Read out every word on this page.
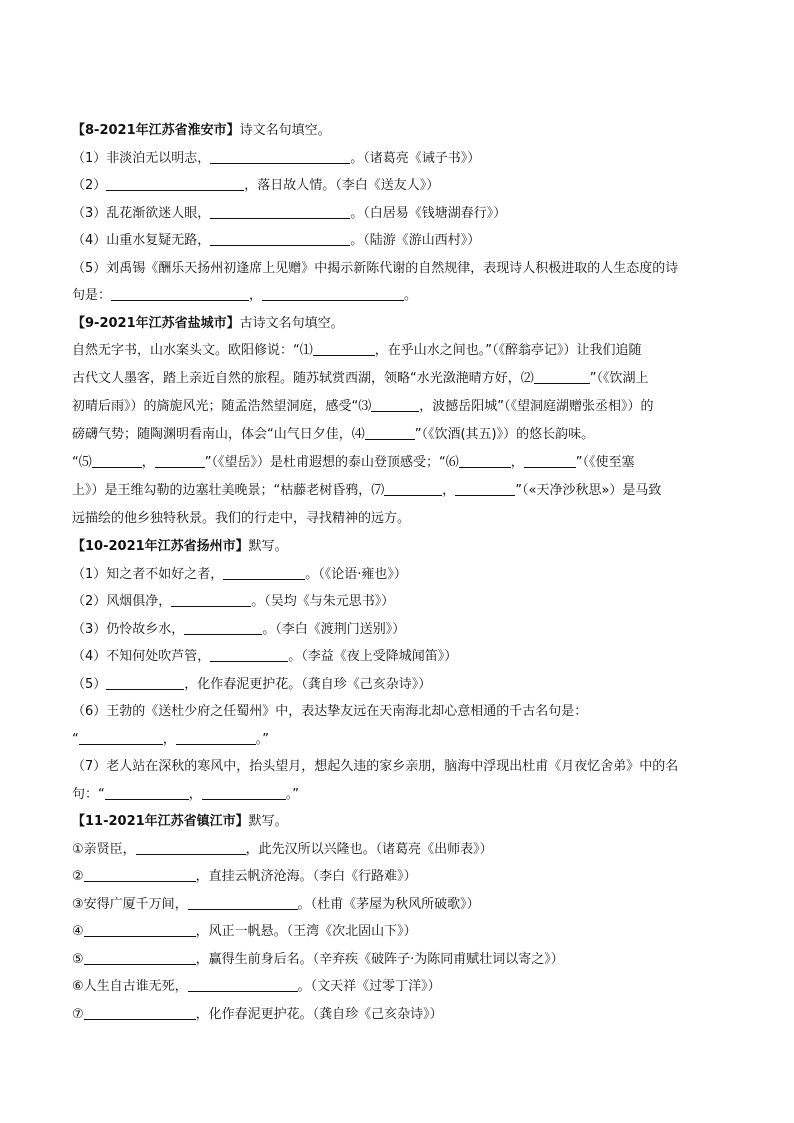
【8-2021年江苏省淮安市】诗文名句填空。
（1）非淡泊无以明志，	。（诸葛亮《诫子书》）
（2）	，落日故人情。（李白《送友人》）
（3）乱花渐欲迷人眼，	。（白居易《钱塘湖春行》）
（4）山重水复疑无路，	。（陆游《游山西村》）
（5）刘禹锡《酬乐天扬州初逢席上见赠》中揭示新陈代谢的自然规律，表现诗人积极进取的人生态度的诗
句是：	，	。
【9-2021年江苏省盐城市】古诗文名句填空。
自然无字书，山水案头文。欧阳修说：“⑴	，在乎山水之间也。”（《醉翁亭记》）让我们追随
古代文人墨客，踏上亲近自然的旅程。随苏轼赏西湖，领略“水光潋滟晴方好，⑵	”（《饮湖上
初晴后雨》）的旖旎风光；随孟浩然望洞庭，感受“⑶	，波撼岳阳城”（《望洞庭湖赠张丞相》）的
磅礴气势；随陶渊明看南山，体会“山气日夕佳，⑷	”（《饮酒(其五)》）的悠长韵味。
“⑸	，	”（《望岳》）是杜甫遐想的泰山登顶感受；“⑹	，	”（《使至塞
上》）是王维勾勒的边塞壮美晚景；“枯藤老树昏鸦，⑺	，	”（«天净沙秋思»）是马致
远描绘的他乡独特秋景。我们的行走中，寻找精神的远方。
【10-2021年江苏省扬州市】默写。
（1）知之者不如好之者，	。（《论语·雍也》）
（2）风烟俱净，	。（吴均《与朱元思书》）
（3）仍怜故乡水，	。（李白《渡荆门送别》）
（4）不知何处吹芦管，	。（李益《夜上受降城闻笛》）
（5）	，化作春泥更护花。（龚自珍《己亥杂诗》）
（6）王勃的《送杜少府之任蜀州》中，表达挚友远在天南海北却心意相通的千古名句是：
“	，	。”
（7）老人站在深秋的寒风中，抬头望月，想起久违的家乡亲朋，脑海中浮现出杜甫《月夜忆舍弟》中的名
句：“	，	。”
【11-2021年江苏省镇江市】默写。
①亲贤臣，	，此先汉所以兴隆也。（诸葛亮《出师表》）
②	，直挂云帆济沧海。（李白《行路难》）
③安得广厦千万间，	。（杜甫《茅屋为秋风所破歌》）
④	，风正一帆悬。（王湾《次北固山下》）
⑤	，赢得生前身后名。（辛弃疾《破阵子·为陈同甫赋壮词以寄之》）
⑥人生自古谁无死，	。（文天祥《过零丁洋》）
⑦	，化作春泥更护花。（龚自珍《己亥杂诗》）
